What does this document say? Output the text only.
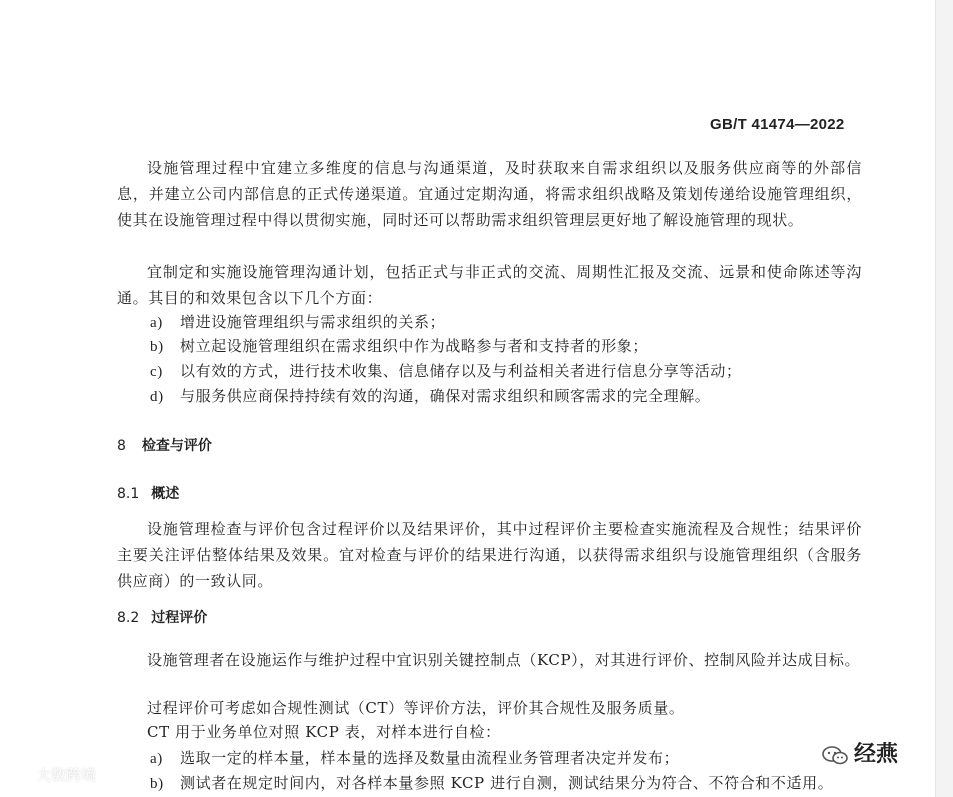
GB/T 41474—2022

设施管理过程中宜建立多维度的信息与沟通渠道，及时获取来自需求组织以及服务供应商等的外部信息，并建立公司内部信息的正式传递渠道。宜通过定期沟通，将需求组织战略及策划传递给设施管理组织，使其在设施管理过程中得以贯彻实施，同时还可以帮助需求组织管理层更好地了解设施管理的现状。

宜制定和实施设施管理沟通计划，包括正式与非正式的交流、周期性汇报及交流、远景和使命陈述等沟通。其目的和效果包含以下几个方面：

a) 增进设施管理组织与需求组织的关系；
b) 树立起设施管理组织在需求组织中作为战略参与者和支持者的形象；
c) 以有效的方式，进行技术收集、信息储存以及与利益相关者进行信息分享等活动；
d) 与服务供应商保持持续有效的沟通，确保对需求组织和顾客需求的完全理解。
8 检查与评价
8.1 概述

设施管理检查与评价包含过程评价以及结果评价，其中过程评价主要检查实施流程及合规性；结果评价主要关注评估整体结果及效果。宜对检查与评价的结果进行沟通，以获得需求组织与设施管理组织（含服务供应商）的一致认同。

8.2 过程评价

设施管理者在设施运作与维护过程中宜识别关键控制点（KCP），对其进行评价、控制风险并达成目标。

过程评价可考虑如合规性测试（CT）等评价方法，评价其合规性及服务质量。

CT 用于业务单位对照 KCP 表，对样本进行自检：

a) 选取一定的样本量，样本量的选择及数量由流程业务管理者决定并发布；
b) 测试者在规定时间内，对各样本量参照 KCP 进行自测，测试结果分为符合、不符合和不适用。
大数跨境
经燕
